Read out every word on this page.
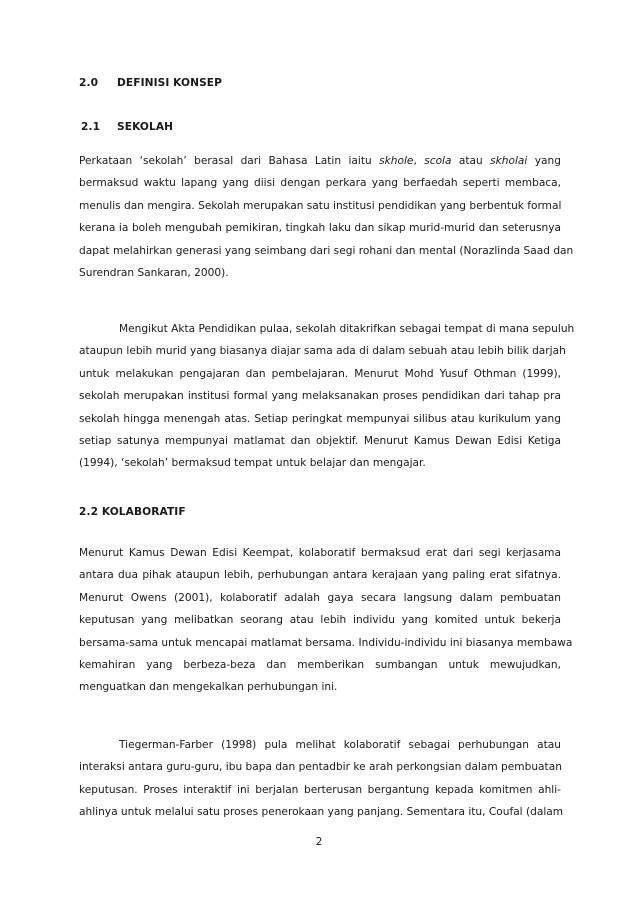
2.0 DEFINISI KONSEP
2.1 SEKOLAH
Perkataan ‘sekolah’ berasal dari Bahasa Latin iaitu skhole, scola atau skholai yang
bermaksud waktu lapang yang diisi dengan perkara yang berfaedah seperti membaca,
menulis dan mengira. Sekolah merupakan satu institusi pendidikan yang berbentuk formal
kerana ia boleh mengubah pemikiran, tingkah laku dan sikap murid-murid dan seterusnya
dapat melahirkan generasi yang seimbang dari segi rohani dan mental (Norazlinda Saad dan
Surendran Sankaran, 2000).
Mengikut Akta Pendidikan pulaa, sekolah ditakrifkan sebagai tempat di mana sepuluh
ataupun lebih murid yang biasanya diajar sama ada di dalam sebuah atau lebih bilik darjah
untuk melakukan pengajaran dan pembelajaran. Menurut Mohd Yusuf Othman (1999),
sekolah merupakan institusi formal yang melaksanakan proses pendidikan dari tahap pra
sekolah hingga menengah atas. Setiap peringkat mempunyai silibus atau kurikulum yang
setiap satunya mempunyai matlamat dan objektif. Menurut Kamus Dewan Edisi Ketiga
(1994), ‘sekolah’ bermaksud tempat untuk belajar dan mengajar.
2.2 KOLABORATIF
Menurut Kamus Dewan Edisi Keempat, kolaboratif bermaksud erat dari segi kerjasama
antara dua pihak ataupun lebih, perhubungan antara kerajaan yang paling erat sifatnya.
Menurut Owens (2001), kolaboratif adalah gaya secara langsung dalam pembuatan
keputusan yang melibatkan seorang atau lebih individu yang komited untuk bekerja
bersama-sama untuk mencapai matlamat bersama. Individu-individu ini biasanya membawa
kemahiran yang berbeza-beza dan memberikan sumbangan untuk mewujudkan,
menguatkan dan mengekalkan perhubungan ini.
Tiegerman-Farber (1998) pula melihat kolaboratif sebagai perhubungan atau
interaksi antara guru-guru, ibu bapa dan pentadbir ke arah perkongsian dalam pembuatan
keputusan. Proses interaktif ini berjalan berterusan bergantung kepada komitmen ahli-
ahlinya untuk melalui satu proses penerokaan yang panjang. Sementara itu, Coufal (dalam
2
